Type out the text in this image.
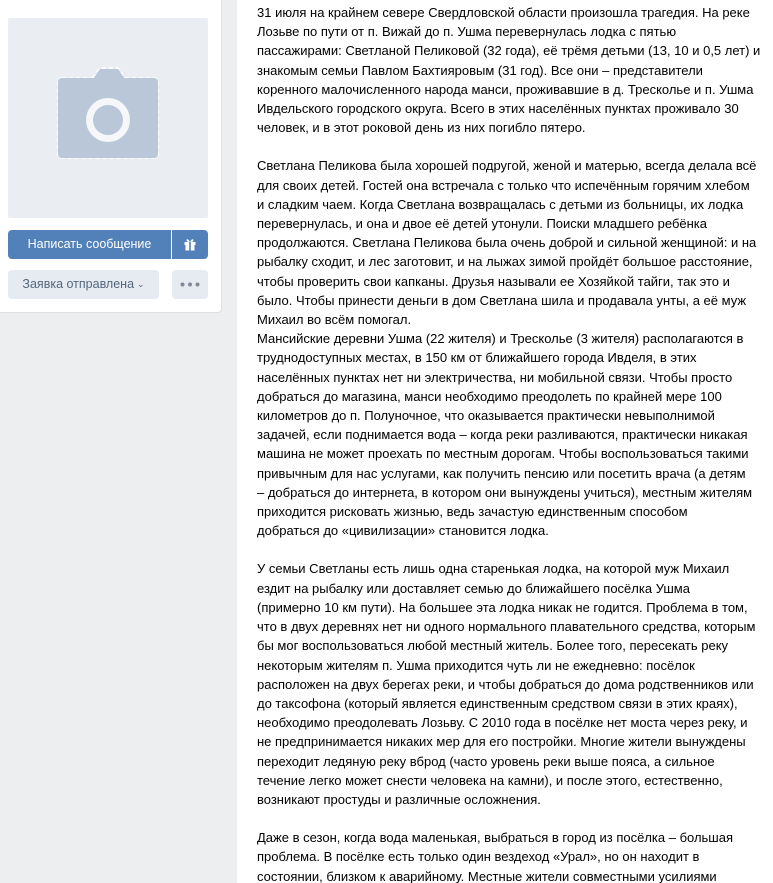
Написать сообщение
Заявка отправлена ⌄

31 июля на крайнем севере Свердловской области произошла трагедия. На реке
Лозьве по пути от п. Вижай до п. Ушма перевернулась лодка с пятью
пассажирами: Светланой Пеликовой (32 года), её трёмя детьми (13, 10 и 0,5 лет) и
знакомым семьи Павлом Бахтияровым (31 год). Все они – представители
коренного малочисленного народа манси, проживавшие в д. Тресколье и п. Ушма
Ивдельского городского округа. Всего в этих населённых пунктах проживало 30
человек, и в этот роковой день из них погибло пятеро.

Светлана Пеликова была хорошей подругой, женой и матерью, всегда делала всё
для своих детей. Гостей она встречала с только что испечённым горячим хлебом
и сладким чаем. Когда Светлана возвращалась с детьми из больницы, их лодка
перевернулась, и она и двое её детей утонули. Поиски младшего ребёнка
продолжаются. Светлана Пеликова была очень доброй и сильной женщиной: и на
рыбалку сходит, и лес заготовит, и на лыжах зимой пройдёт большое расстояние,
чтобы проверить свои капканы. Друзья называли ее Хозяйкой тайги, так это и
было. Чтобы принести деньги в дом Светлана шила и продавала унты, а её муж
Михаил во всём помогал.

Мансийские деревни Ушма (22 жителя) и Тресколье (3 жителя) располагаются в
труднодоступных местах, в 150 км от ближайшего города Ивделя, в этих
населённых пунктах нет ни электричества, ни мобильной связи. Чтобы просто
добраться до магазина, манси необходимо преодолеть по крайней мере 100
километров до п. Полуночное, что оказывается практически невыполнимой
задачей, если поднимается вода – когда реки разливаются, практически никакая
машина не может проехать по местным дорогам. Чтобы воспользоваться такими
привычным для нас услугами, как получить пенсию или посетить врача (а детям
– добраться до интернета, в котором они вынуждены учиться), местным жителям
приходится рисковать жизнью, ведь зачастую единственным способом
добраться до «цивилизации» становится лодка.

У семьи Светланы есть лишь одна старенькая лодка, на которой муж Михаил
ездит на рыбалку или доставляет семью до ближайшего посёлка Ушма
(примерно 10 км пути). На большее эта лодка никак не годится. Проблема в том,
что в двух деревнях нет ни одного нормального плавательного средства, которым
бы мог воспользоваться любой местный житель. Более того, пересекать реку
некоторым жителям п. Ушма приходится чуть ли не ежедневно: посёлок
расположен на двух берегах реки, и чтобы добраться до дома родственников или
до таксофона (который является единственным средством связи в этих краях),
необходимо преодолевать Лозьву. С 2010 года в посёлке нет моста через реку, и
не предпринимается никаких мер для его постройки. Многие жители вынуждены
переходит ледяную реку вброд (часто уровень реки выше пояса, а сильное
течение легко может снести человека на камни), и после этого, естественно,
возникают простуды и различные осложнения.

Даже в сезон, когда вода маленькая, выбраться в город из посёлка – большая
проблема. В посёлке есть только один вездеход «Урал», но он находит в
состоянии, близком к аварийному. Местные жители совместными усилиями
